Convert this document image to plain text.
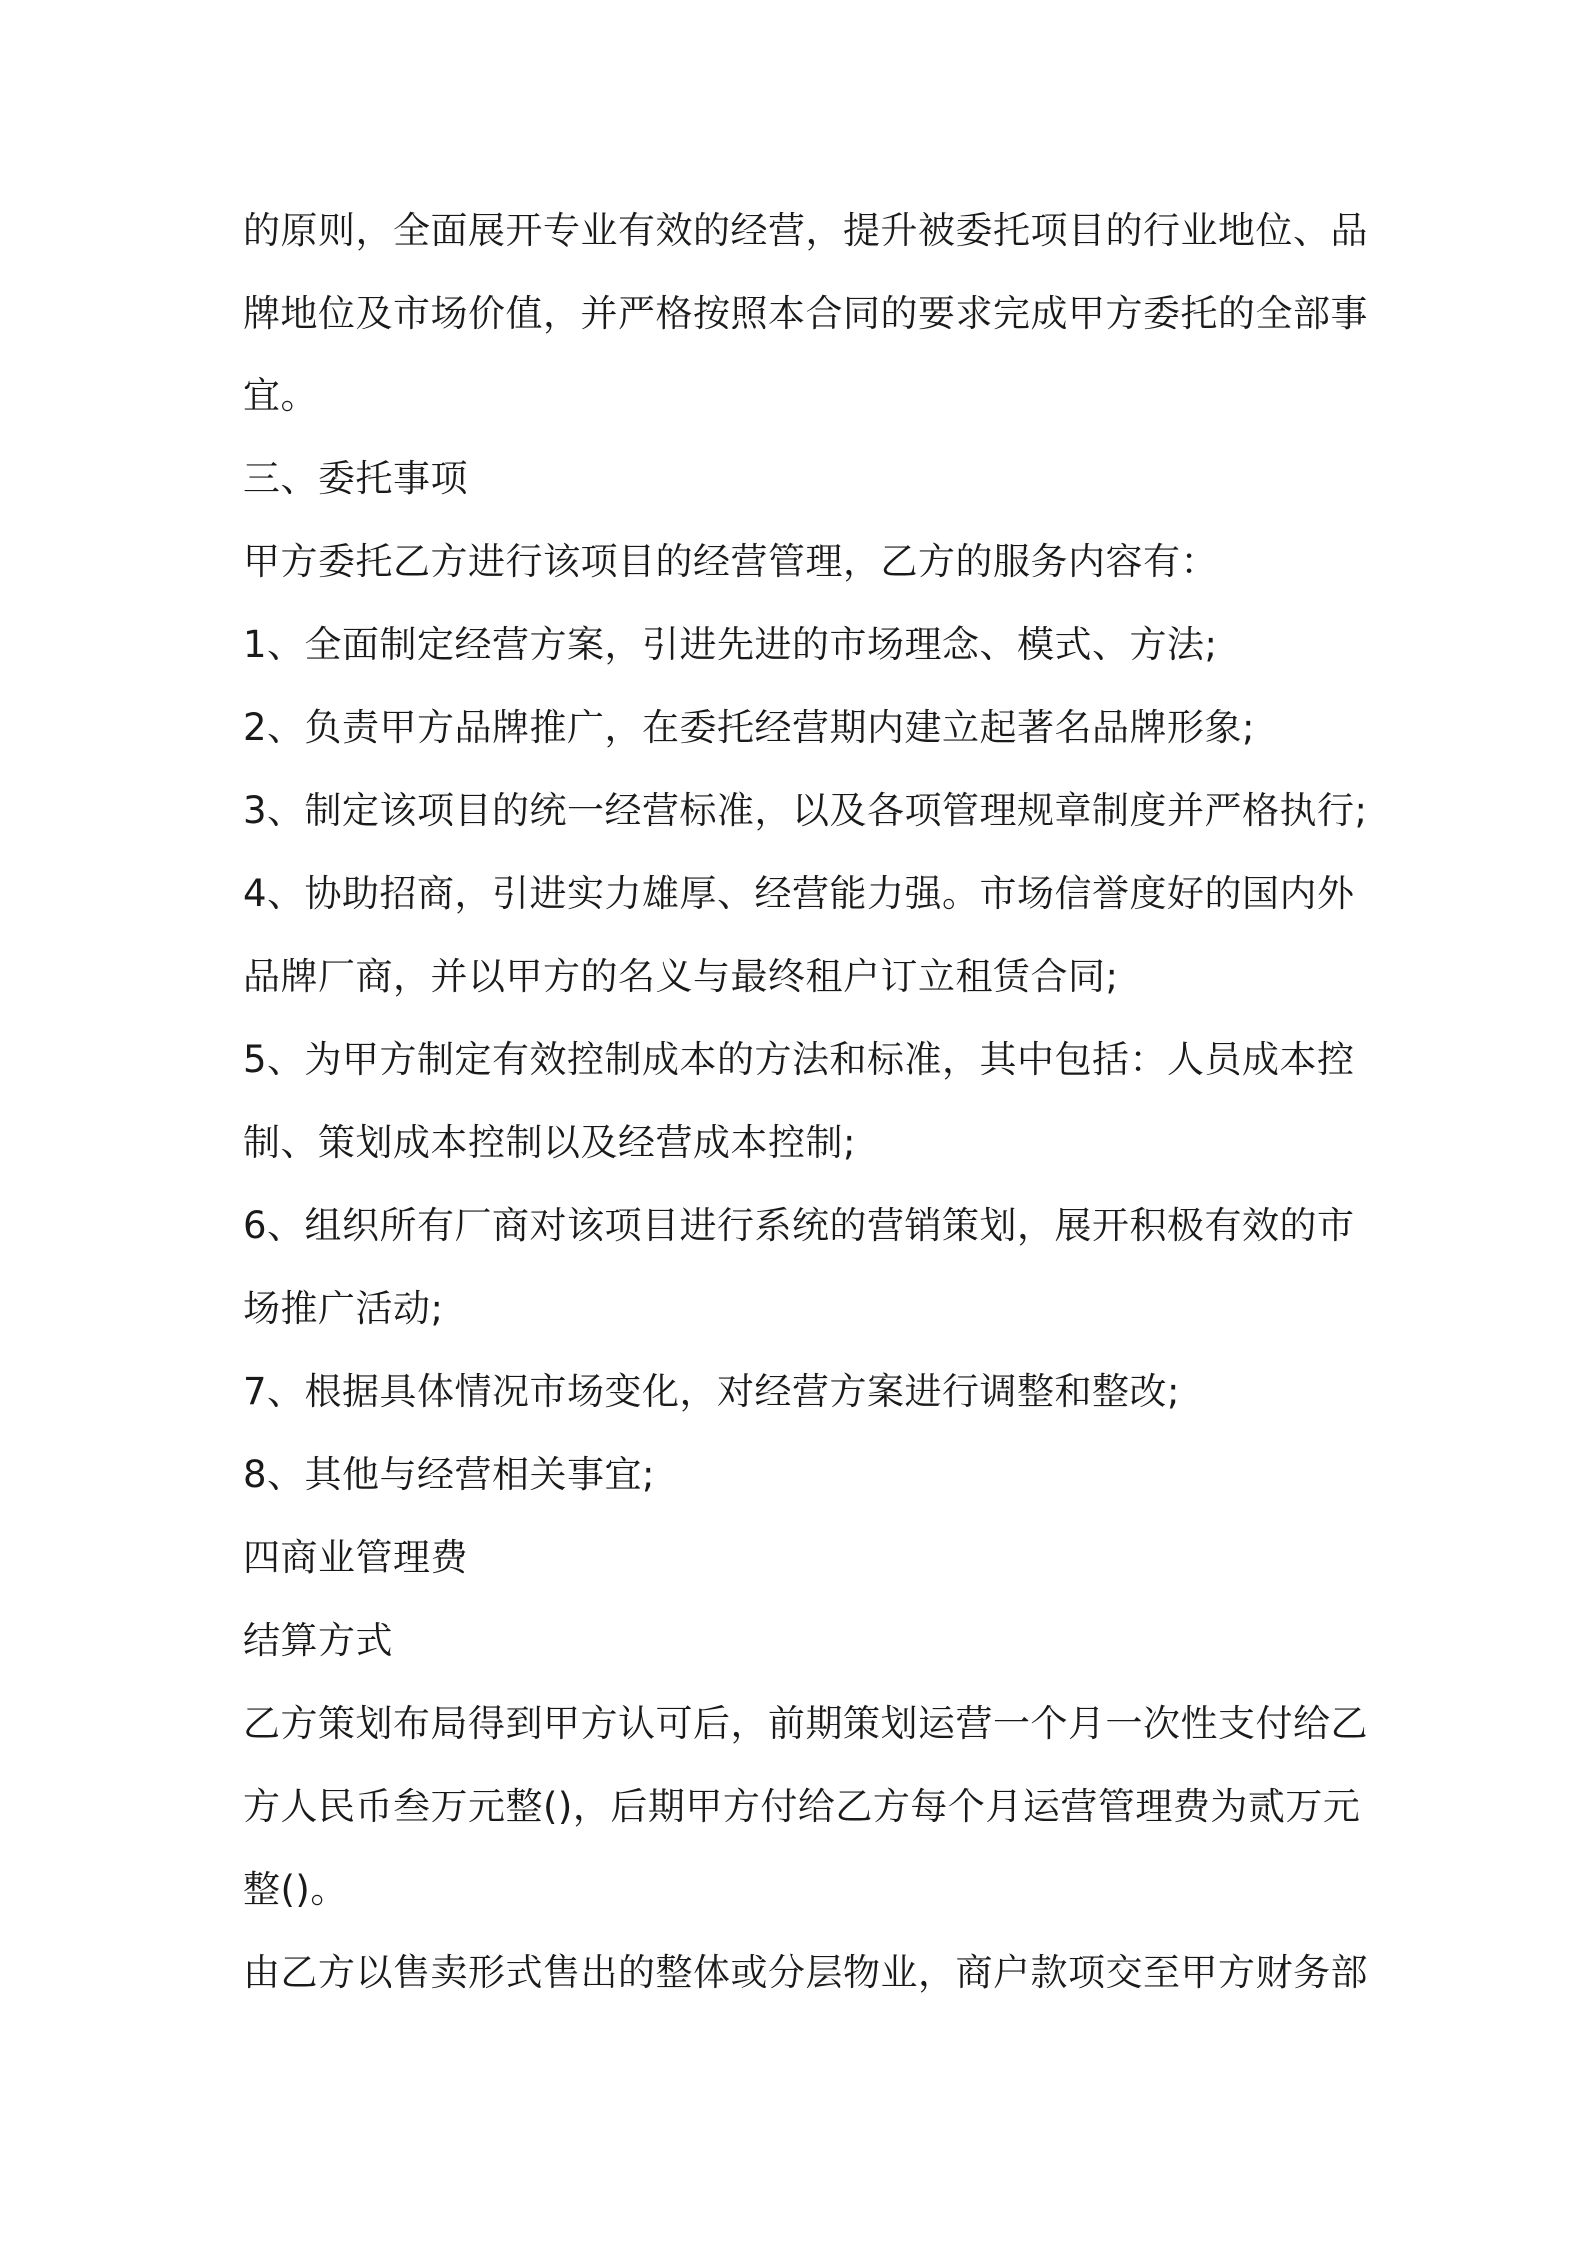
的原则，全面展开专业有效的经营，提升被委托项目的行业地位、品
牌地位及市场价值，并严格按照本合同的要求完成甲方委托的全部事
宜。
三、委托事项
甲方委托乙方进行该项目的经营管理，乙方的服务内容有：
1、全面制定经营方案，引进先进的市场理念、模式、方法;
2、负责甲方品牌推广，在委托经营期内建立起著名品牌形象;
3、制定该项目的统一经营标准，以及各项管理规章制度并严格执行;
4、协助招商，引进实力雄厚、经营能力强。市场信誉度好的国内外
品牌厂商，并以甲方的名义与最终租户订立租赁合同;
5、为甲方制定有效控制成本的方法和标准，其中包括：人员成本控
制、策划成本控制以及经营成本控制;
6、组织所有厂商对该项目进行系统的营销策划，展开积极有效的市
场推广活动;
7、根据具体情况市场变化，对经营方案进行调整和整改;
8、其他与经营相关事宜;
四商业管理费
结算方式
乙方策划布局得到甲方认可后，前期策划运营一个月一次性支付给乙
方人民币叁万元整()，后期甲方付给乙方每个月运营管理费为贰万元
整()。
由乙方以售卖形式售出的整体或分层物业，商户款项交至甲方财务部
